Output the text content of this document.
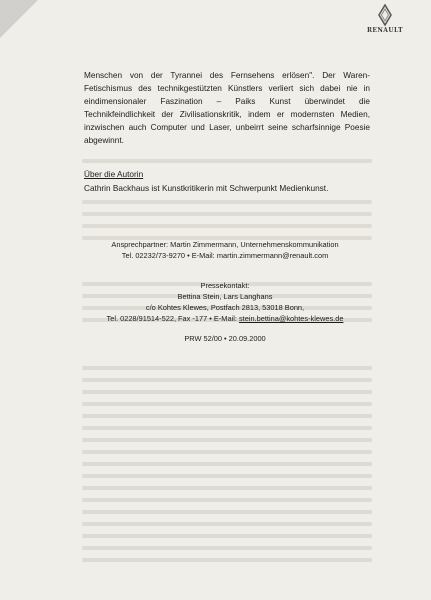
RENAULT
Menschen von der Tyrannei des Fernsehens erlösen". Der Waren-Fetischismus des technikgestützten Künstlers verliert sich dabei nie in eindimensionaler Faszination – Paiks Kunst überwindet die Technikfeindlichkeit der Zivilisationskritik, indem er modernsten Medien, inzwischen auch Computer und Laser, unbeirrt seine scharfsinnige Poesie abgewinnt.
Über die Autorin
Cathrin Backhaus ist Kunstkritikerin mit Schwerpunkt Medienkunst.
Ansprechpartner: Martin Zimmermann, Unternehmenskommunikation
Tel. 02232/73-9270 • E-Mail: martin.zimmermann@renault.com
Pressekontakt:
Bettina Stein, Lars Langhans
c/o Kohtes Klewes, Postfach 2813, 53018 Bonn,
Tel. 0228/91514-522, Fax -177 • E-Mail: stein.bettina@kohtes-klewes.de
PRW 52/00 • 20.09.2000
